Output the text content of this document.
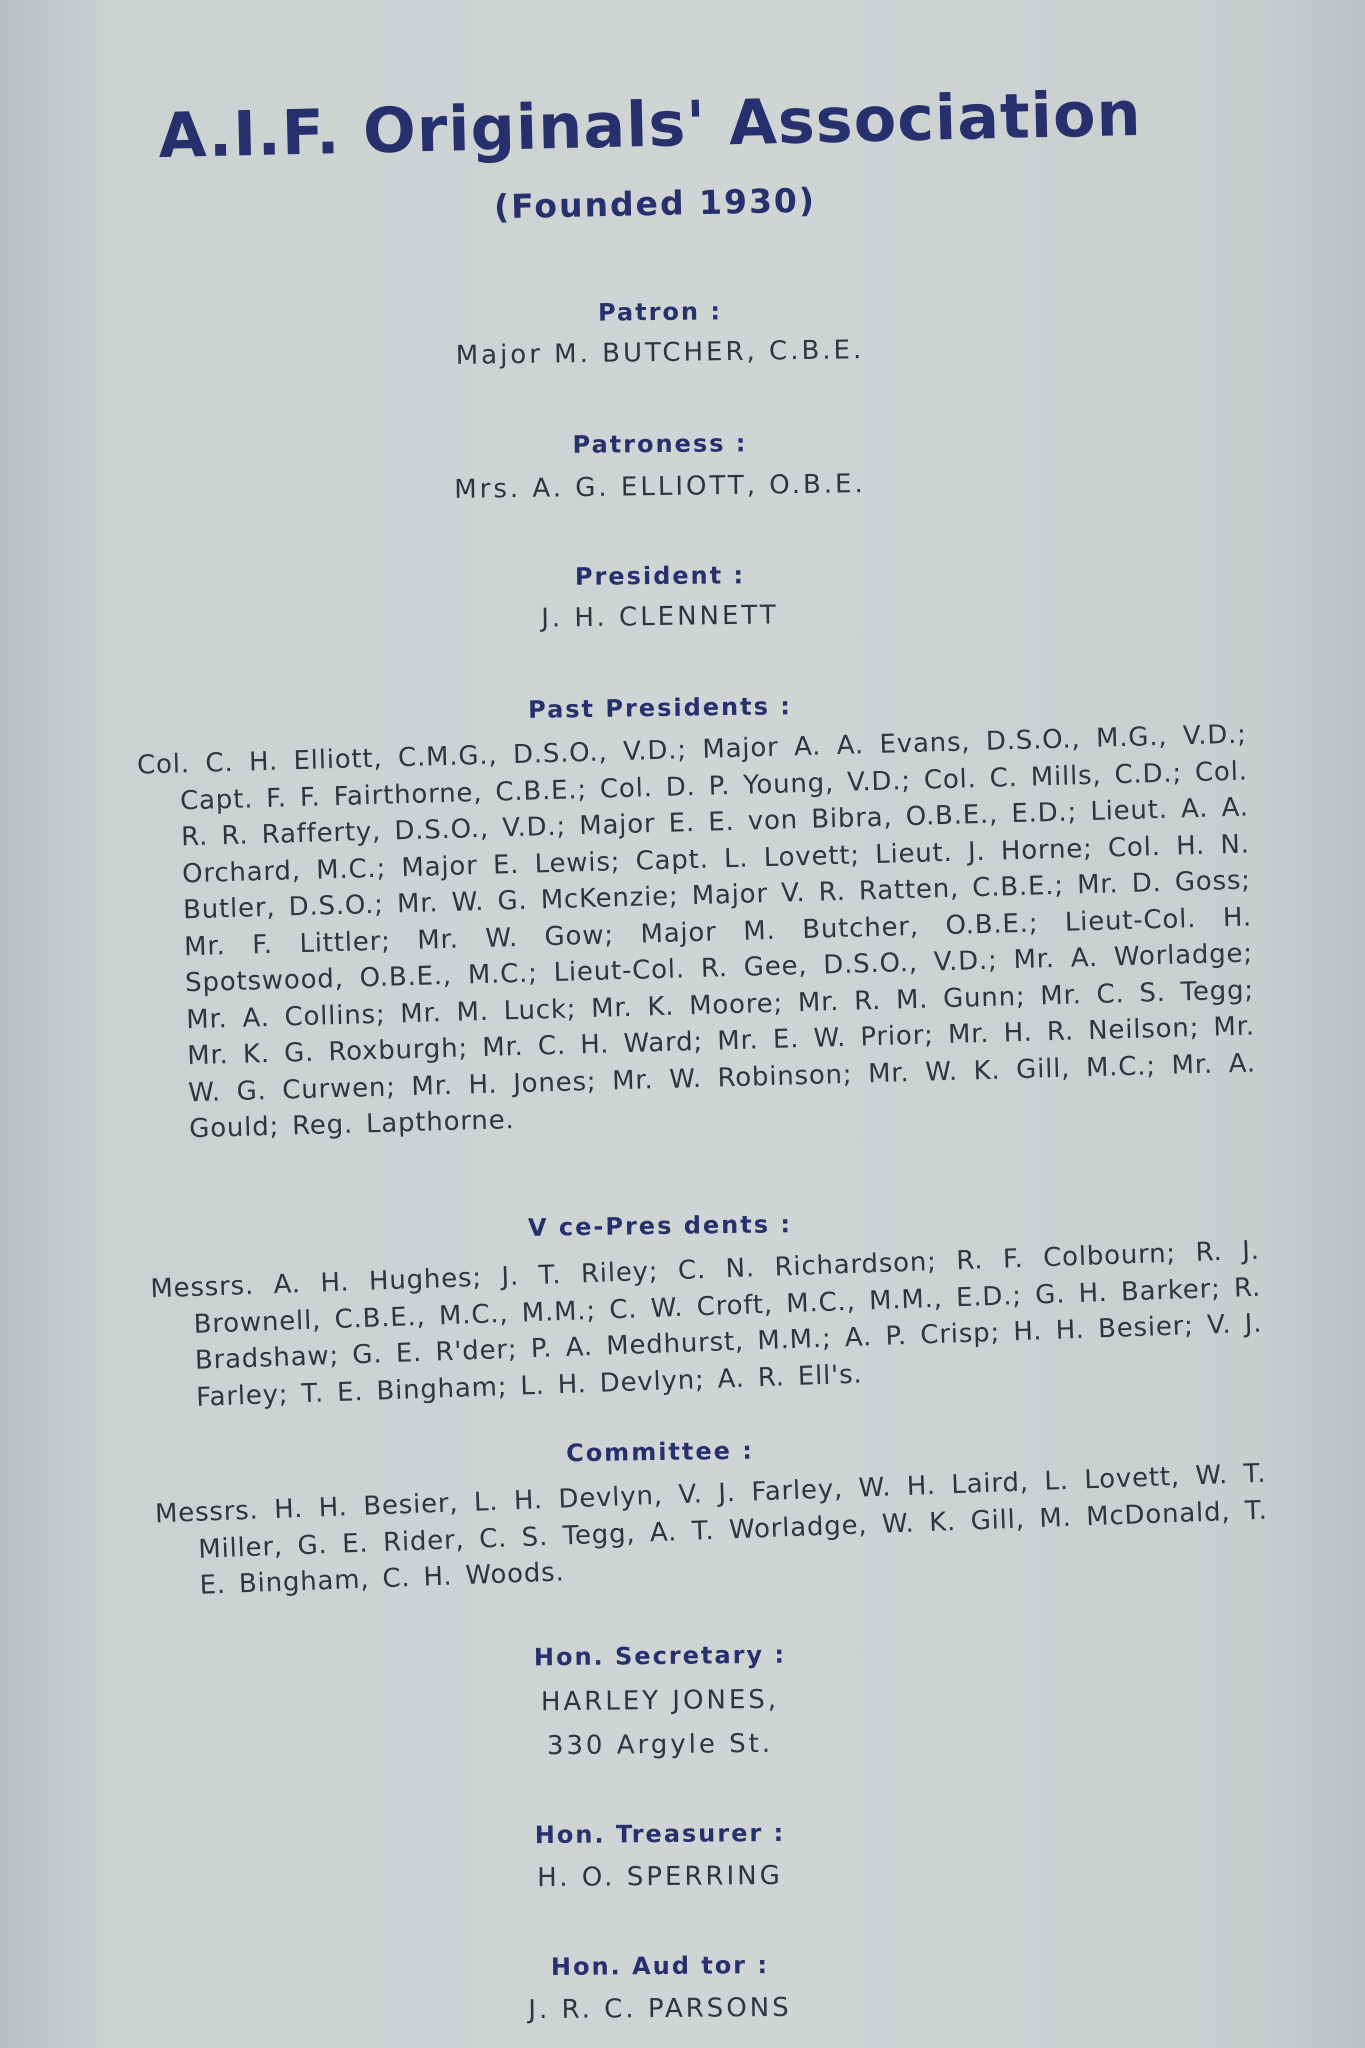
A.I.F. Originals' Association
(Founded 1930)
Patron :
Major M. BUTCHER, C.B.E.
Patroness :
Mrs. A. G. ELLIOTT, O.B.E.
President :
J. H. CLENNETT
Past Presidents :

Col. C. H. Elliott, C.M.G., D.S.O., V.D.; Major A. A. Evans, D.S.O., M.G., V.D.; Capt. F. F. Fairthorne, C.B.E.; Col. D. P. Young, V.D.; Col. C. Mills, C.D.; Col. R. R. Rafferty, D.S.O., V.D.; Major E. E. von Bibra, O.B.E., E.D.; Lieut. A. A. Orchard, M.C.; Major E. Lewis; Capt. L. Lovett; Lieut. J. Horne; Col. H. N. Butler, D.S.O.; Mr. W. G. McKenzie; Major V. R. Ratten, C.B.E.; Mr. D. Goss; Mr. F. Littler; Mr. W. Gow; Major M. Butcher, O.B.E.; Lieut-Col. H. Spotswood, O.B.E., M.C.; Lieut-Col. R. Gee, D.S.O., V.D.; Mr. A. Worladge; Mr. A. Collins; Mr. M. Luck; Mr. K. Moore; Mr. R. M. Gunn; Mr. C. S. Tegg; Mr. K. G. Roxburgh; Mr. C. H. Ward; Mr. E. W. Prior; Mr. H. R. Neilson; Mr. W. G. Curwen; Mr. H. Jones; Mr. W. Robinson; Mr. W. K. Gill, M.C.; Mr. A. Gould; Reg. Lapthorne.

V ce-Pres dents :

Messrs. A. H. Hughes; J. T. Riley; C. N. Richardson; R. F. Colbourn; R. J. Brownell, C.B.E., M.C., M.M.; C. W. Croft, M.C., M.M., E.D.; G. H. Barker; R. Bradshaw; G. E. R'der; P. A. Medhurst, M.M.; A. P. Crisp; H. H. Besier; V. J. Farley; T. E. Bingham; L. H. Devlyn; A. R. Ell's.

Committee :

Messrs. H. H. Besier, L. H. Devlyn, V. J. Farley, W. H. Laird, L. Lovett, W. T. Miller, G. E. Rider, C. S. Tegg, A. T. Worladge, W. K. Gill, M. McDonald, T. E. Bingham, C. H. Woods.

Hon. Secretary :
HARLEY JONES,
330 Argyle St.
Hon. Treasurer :
H. O. SPERRING
Hon. Aud tor :
J. R. C. PARSONS
